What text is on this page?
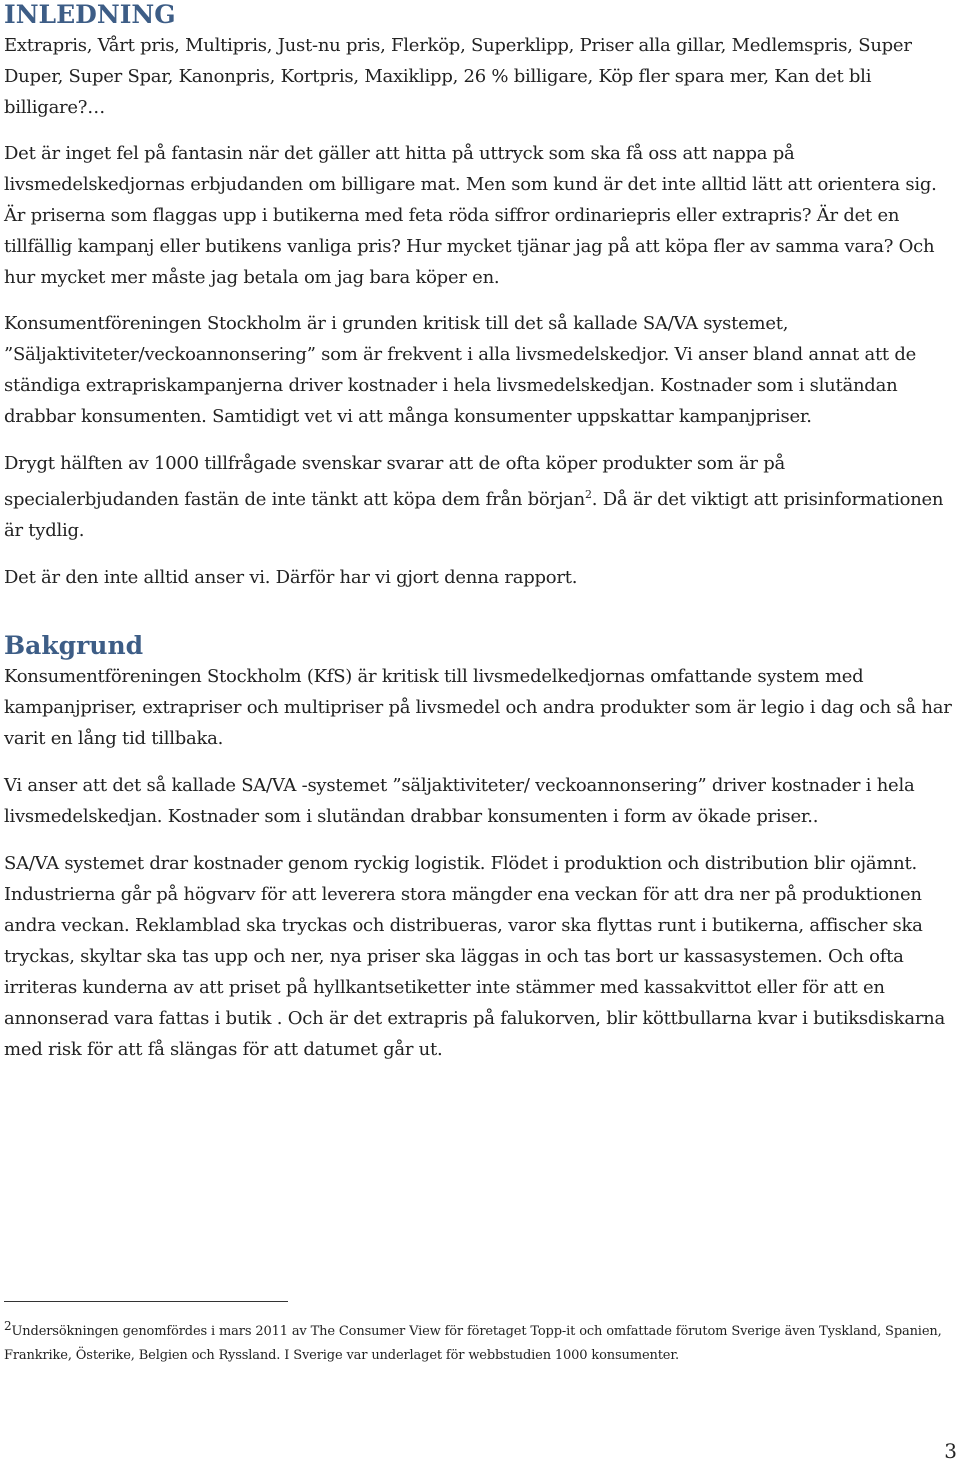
INLEDNING

Extrapris, Vårt pris, Multipris, Just-nu pris, Flerköp, Superklipp, Priser alla gillar, Medlemspris, Super Duper, Super Spar, Kanonpris, Kortpris, Maxiklipp, 26 % billigare, Köp fler spara mer, Kan det bli billigare?…

Det är inget fel på fantasin när det gäller att hitta på uttryck som ska få oss att nappa på livsmedelskedjornas erbjudanden om billigare mat. Men som kund är det inte alltid lätt att orientera sig. Är priserna som flaggas upp i butikerna med feta röda siffror ordinariepris eller extrapris? Är det en tillfällig kampanj eller butikens vanliga pris? Hur mycket tjänar jag på att köpa fler av samma vara? Och hur mycket mer måste jag betala om jag bara köper en.

Konsumentföreningen Stockholm är i grunden kritisk till det så kallade SA/VA systemet, ”Säljaktiviteter/veckoannonsering” som är frekvent i alla livsmedelskedjor. Vi anser bland annat att de ständiga extrapriskampanjerna driver kostnader i hela livsmedelskedjan. Kostnader som i slutändan drabbar konsumenten. Samtidigt vet vi att många konsumenter uppskattar kampanjpriser.

Drygt hälften av 1000 tillfrågade svenskar svarar att de ofta köper produkter som är på specialerbjudanden fastän de inte tänkt att köpa dem från början$^2$. Då är det viktigt att prisinformationen är tydlig.

Det är den inte alltid anser vi. Därför har vi gjort denna rapport.

Bakgrund

Konsumentföreningen Stockholm (KfS) är kritisk till livsmedelkedjornas omfattande system med kampanjpriser, extrapriser och multipriser på livsmedel och andra produkter som är legio i dag och så har varit en lång tid tillbaka.

Vi anser att det så kallade SA/VA -systemet ”säljaktiviteter/ veckoannonsering” driver kostnader i hela livsmedelskedjan. Kostnader som i slutändan drabbar konsumenten i form av ökade priser..

SA/VA systemet drar kostnader genom ryckig logistik. Flödet i produktion och distribution blir ojämnt. Industrierna går på högvarv för att leverera stora mängder ena veckan för att dra ner på produktionen andra veckan. Reklamblad ska tryckas och distribueras, varor ska flyttas runt i butikerna, affischer ska tryckas, skyltar ska tas upp och ner, nya priser ska läggas in och tas bort ur kassasystemen. Och ofta irriteras kunderna av att priset på hyllkantsetiketter inte stämmer med kassakvittot eller för att en annonserad vara fattas i butik . Och är det extrapris på falukorven, blir köttbullarna kvar i butiksdiskarna med risk för att få slängas för att datumet går ut.

$^2$Undersökningen genomfördes i mars 2011 av The Consumer View för företaget Topp-it och omfattade förutom Sverige även Tyskland, Spanien, Frankrike, Österike, Belgien och Ryssland. I Sverige var underlaget för webbstudien 1000 konsumenter.

3
